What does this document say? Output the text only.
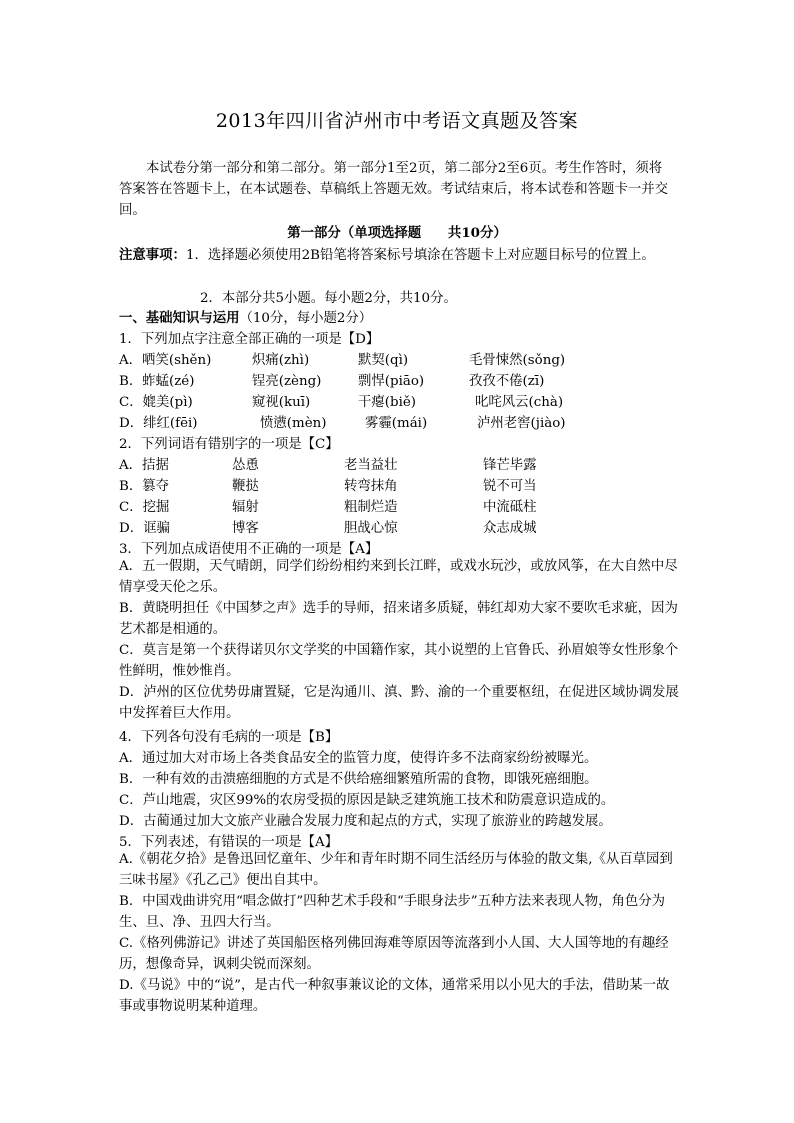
2013年四川省泸州市中考语文真题及答案
本试卷分第一部分和第二部分。第一部分1至2页，第二部分2至6页。考生作答时，须将答案答在答题卡上，在本试题卷、草稿纸上答题无效。考试结束后，将本试卷和答题卡一并交回。
第一部分（单项选择题　　共10分）
注意事项：1．选择题必须使用2B铅笔将答案标号填涂在答题卡上对应题目标号的位置上。
2．本部分共5小题。每小题2分，共10分。
一、基础知识与运用（10分，每小题2分）
1．下列加点字注意全部正确的一项是【D】
A．哂笑(shěn)	炽痛(zhì)	默契(qì)	毛骨悚然(sǒng)
B．蚱蜢(zé)	锃亮(zèng)	剽悍(piāo)	孜孜不倦(zī)
C．媲美(pì)	窥视(kuī)	干瘪(biě)	叱咤风云(chà)
D．绯红(fēi)	愤懑(mèn)	雾霾(mái)	泸州老窖(jiào)
2．下列词语有错别字的一项是【C】
A．拮据	怂恿	老当益壮	锋芒毕露
B．篡夺	鞭挞	转弯抹角	锐不可当
C．挖掘	辐射	粗制烂造	中流砥柱
D．诓骗	博客	胆战心惊	众志成城
3．下列加点成语使用不正确的一项是【A】
A．五一假期，天气晴朗，同学们纷纷相约来到长江畔，或戏水玩沙，或放风筝，在大自然中尽情享受天伦之乐。
B．黄晓明担任《中国梦之声》选手的导师，招来诸多质疑，韩红却劝大家不要吹毛求疵，因为艺术都是相通的。
C．莫言是第一个获得诺贝尔文学奖的中国籍作家，其小说塑的上官鲁氏、孙眉娘等女性形象个性鲜明，惟妙惟肖。
D．泸州的区位优势毋庸置疑，它是沟通川、滇、黔、渝的一个重要枢纽，在促进区域协调发展中发挥着巨大作用。
4．下列各句没有毛病的一项是【B】
A．通过加大对市场上各类食品安全的监管力度，使得许多不法商家纷纷被曝光。
B．一种有效的击溃癌细胞的方式是不供给癌细繁殖所需的食物，即饿死癌细胞。
C．芦山地震，灾区99%的农房受损的原因是缺乏建筑施工技术和防震意识造成的。
D．古蔺通过加大文旅产业融合发展力度和起点的方式，实现了旅游业的跨越发展。
5．下列表述，有错误的一项是【A】
A.《朝花夕拾》是鲁迅回忆童年、少年和青年时期不同生活经历与体验的散文集,《从百草园到三味书屋》《孔乙己》便出自其中。
B．中国戏曲讲究用“唱念做打”四种艺术手段和“手眼身法步”五种方法来表现人物，角色分为生、旦、净、丑四大行当。
C.《格列佛游记》讲述了英国船医格列佛回海难等原因等流落到小人国、大人国等地的有趣经历，想像奇异，讽刺尖锐而深刻。
D.《马说》中的“说”，是古代一种叙事兼议论的文体，通常采用以小见大的手法，借助某一故事或事物说明某种道理。
